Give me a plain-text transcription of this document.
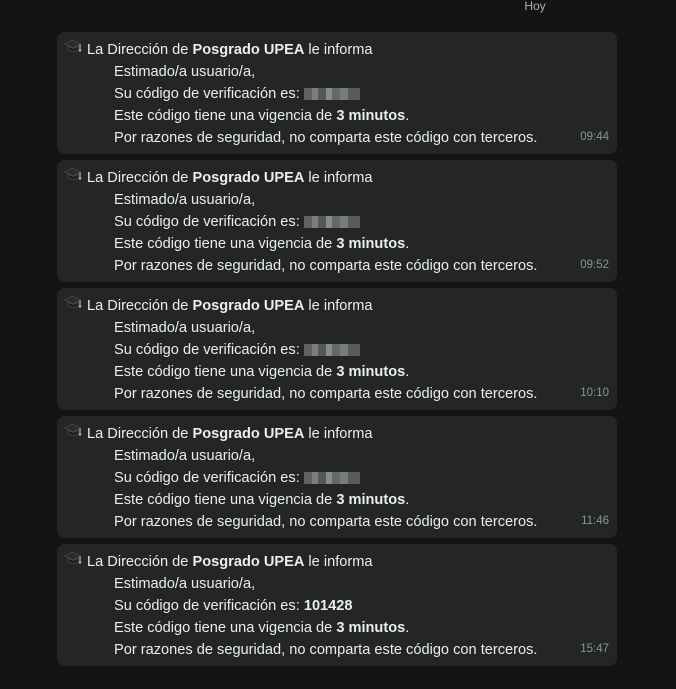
Hoy
La Dirección de Posgrado UPEA le informa
Estimado/a usuario/a,
Su código de verificación es:
Este código tiene una vigencia de 3 minutos.
Por razones de seguridad, no comparta este código con terceros.	09:44
La Dirección de Posgrado UPEA le informa
Estimado/a usuario/a,
Su código de verificación es:
Este código tiene una vigencia de 3 minutos.
Por razones de seguridad, no comparta este código con terceros.	09:52
La Dirección de Posgrado UPEA le informa
Estimado/a usuario/a,
Su código de verificación es:
Este código tiene una vigencia de 3 minutos.
Por razones de seguridad, no comparta este código con terceros.	10:10
La Dirección de Posgrado UPEA le informa
Estimado/a usuario/a,
Su código de verificación es:
Este código tiene una vigencia de 3 minutos.
Por razones de seguridad, no comparta este código con terceros.	11:46
La Dirección de Posgrado UPEA le informa
Estimado/a usuario/a,
Su código de verificación es: 101428
Este código tiene una vigencia de 3 minutos.
Por razones de seguridad, no comparta este código con terceros.	15:47
